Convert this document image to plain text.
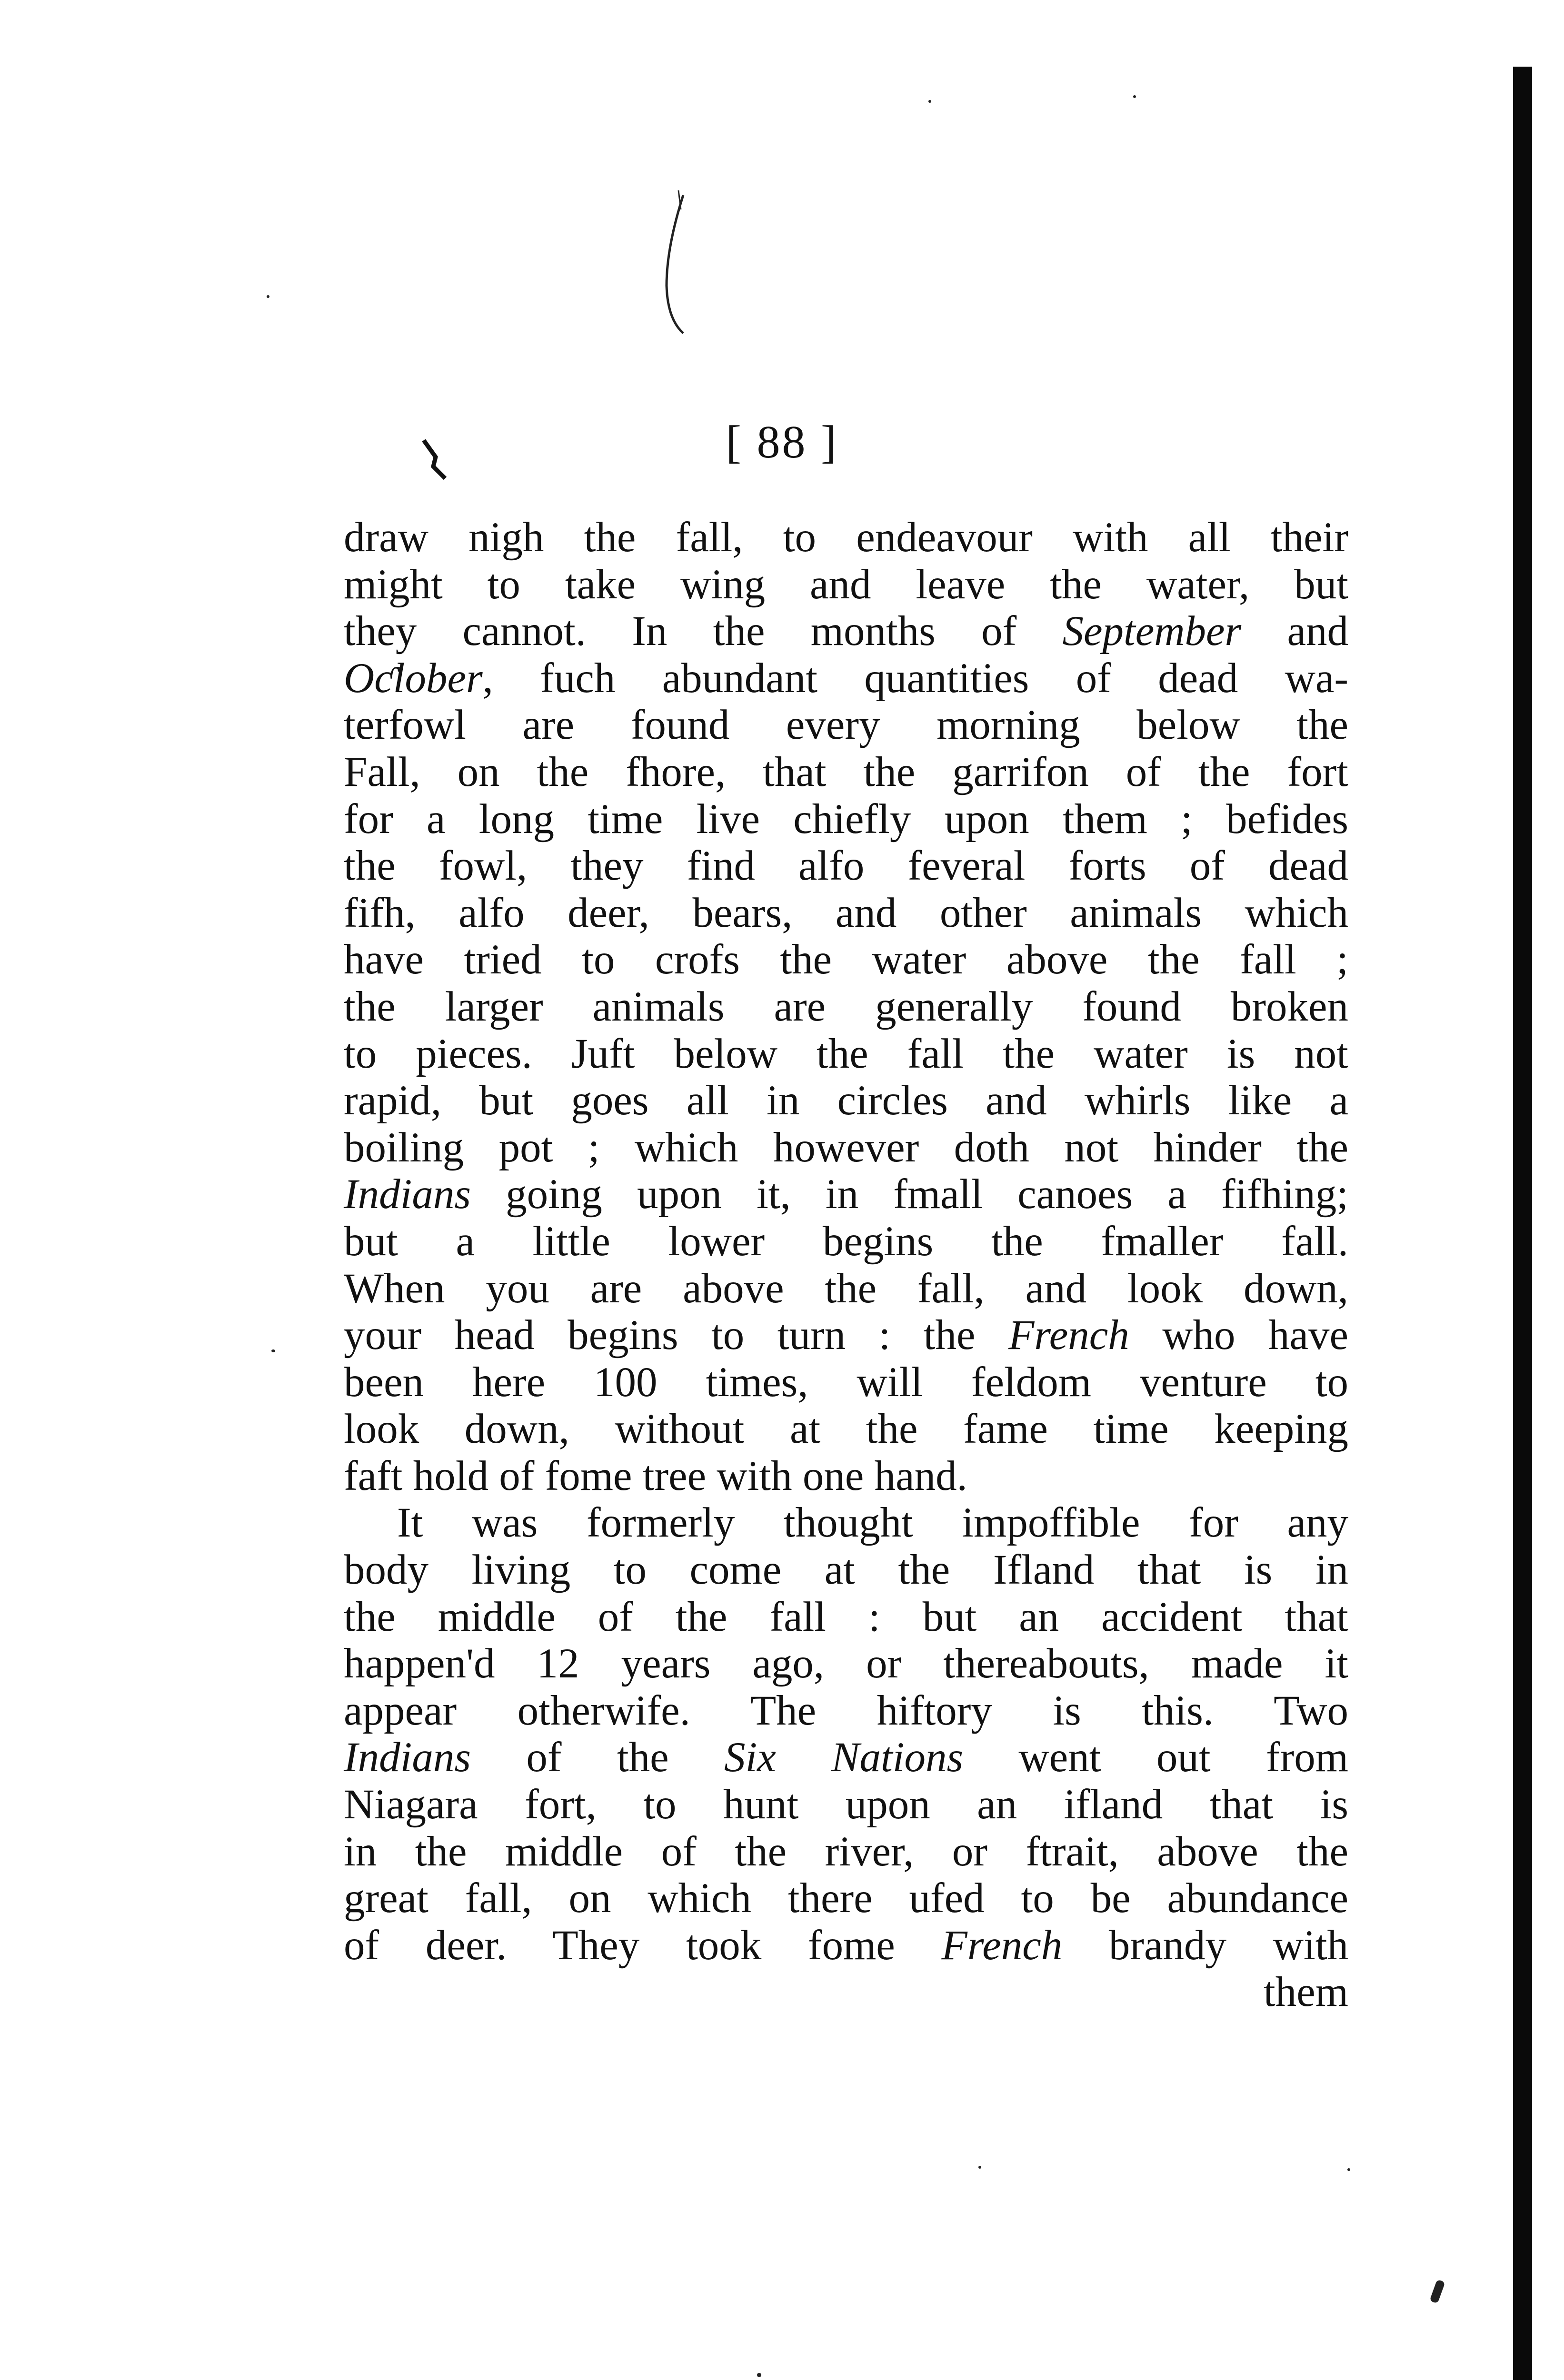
[ 88 ]
draw nigh the fall, to endeavour with all their
might to take wing and leave the water, but
they cannot. In the months of September and
Oƈlober, fuch abundant quantities of dead wa-
terfowl are found every morning below the
Fall, on the fhore, that the garrifon of the fort
for a long time live chiefly upon them ; befides
the fowl, they find alfo feveral forts of dead
fifh, alfo deer, bears, and other animals which
have tried to crofs the water above the fall ;
the larger animals are generally found broken
to pieces. Juft below the fall the water is not
rapid, but goes all in circles and whirls like a
boiling pot ; which however doth not hinder the
Indians going upon it, in fmall canoes a fifhing;
but a little lower begins the fmaller fall.
When you are above the fall, and look down,
your head begins to turn : the French who have
been here 100 times, will feldom venture to
look down, without at the fame time keeping
faft hold of fome tree with one hand.
It was formerly thought impoffible for any
body living to come at the Ifland that is in
the middle of the fall : but an accident that
happen'd 12 years ago, or thereabouts, made it
appear otherwife. The hiftory is this. Two
Indians of the Six Nations went out from
Niagara fort, to hunt upon an ifland that is
in the middle of the river, or ftrait, above the
great fall, on which there ufed to be abundance
of deer. They took fome French brandy with
them
